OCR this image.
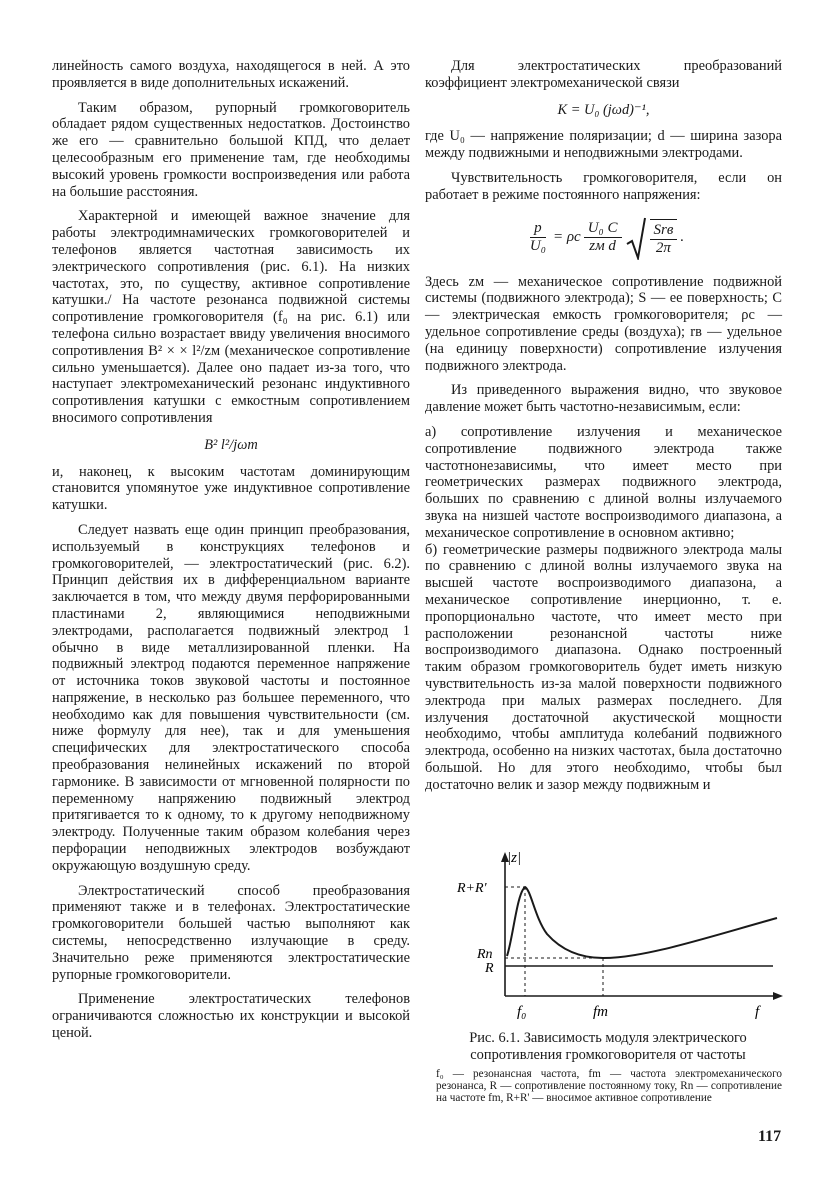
линейность самого воздуха, находящегося в ней. А это проявляется в виде дополнительных искажений.

Таким образом, рупорный громкоговоритель обладает рядом существенных недостатков. Достоинство же его — сравнительно большой КПД, что делает целесообразным его применение там, где необходимы высокий уровень громкости воспроизведения или работа на большие расстояния.

Характерной и имеющей важное значение для работы электродимнамических громкоговорителей и телефонов является частотная зависимость их электрического сопротивления (рис. 6.1). На низких частотах, это, по существу, активное сопротивление катушки./ На частоте резонанса подвижной системы сопротивление громкоговорителя (f₀ на рис. 6.1) или телефона сильно возрастает ввиду увеличения вносимого сопротивления B² × × l²/zм (механическое сопротивление сильно уменьшается). Далее оно падает из-за того, что наступает электромеханический резонанс индуктивного сопротивления катушки с емкостным сопротивлением вносимого сопротивления

B² l²/jωm

и, наконец, к высоким частотам доминирующим становится упомянутое уже индуктивное сопротивление катушки.

Следует назвать еще один принцип преобразования, используемый в конструкциях телефонов и громкоговорителей, — электростатический (рис. 6.2). Принцип действия их в дифференциальном варианте заключается в том, что между двумя перфорированными пластинами 2, являющимися неподвижными электродами, располагается подвижный электрод 1 обычно в виде металлизированной пленки. На подвижный электрод подаются переменное напряжение от источника токов звуковой частоты и постоянное напряжение, в несколько раз большее переменного, что необходимо как для повышения чувствительности (см. ниже формулу для нее), так и для уменьшения специфических для электростатического способа преобразования нелинейных искажений по второй гармонике. В зависимости от мгновенной полярности по переменному напряжению подвижный электрод притягивается то к одному, то к другому неподвижному электроду. Полученные таким образом колебания через перфорации неподвижных электродов возбуждают окружающую воздушную среду.

Электростатический способ преобразования применяют также и в телефонах. Электростатические громкоговорители большей частью выполняют как системы, непосредственно излучающие в среду. Значительно реже применяются электростатические рупорные громкоговорители.

Применение электростатических телефонов ограничиваются сложностью их конструкции и высокой ценой.

Для электростатических преобразований коэффициент электромеханической связи

K = U₀ (jωd)⁻¹,

где U₀ — напряжение поляризации; d — ширина зазора между подвижными и неподвижными электродами.

Чувствительность громкоговорителя, если он работает в режиме постоянного напряжения:

$\frac{p}{\text{U₀}} = \rho c \frac{\text{U₀ C}}{\text{zм d}} \frac{\text{Srв}}{2\pi}$ .

Здесь zм — механическое сопротивление подвижной системы (подвижного электрода); S — ее поверхность; C — электрическая емкость громкоговорителя; ρc — удельное сопротивление среды (воздуха); rв — удельное (на единицу поверхности) сопротивление излучения подвижного электрода.

Из приведенного выражения видно, что звуковое давление может быть частотно-независимым, если:

а) сопротивление излучения и механическое сопротивление подвижного электрода также частотнонезависимы, что имеет место при геометрических размерах подвижного электрода, больших по сравнению с длиной волны излучаемого звука на низшей частоте воспроизводимого диапазона, а механическое сопротивление в основном активно;

б) геометрические размеры подвижного электрода малы по сравнению с длиной волны излучаемого звука на высшей частоте воспроизводимого диапазона, а механическое сопротивление инерционно, т. е. пропорционально частоте, что имеет место при расположении резонансной частоты ниже воспроизводимого диапазона. Однако построенный таким образом громкоговоритель будет иметь низкую чувствительность из-за малой поверхности подвижного электрода при малых размерах последнего. Для излучения достаточной акустической мощности необходимо, чтобы амплитуда колебаний подвижного электрода, особенно на низких частотах, была достаточно большой. Но для этого необходимо, чтобы был достаточно велик и зазор между подвижным и

|z|
R+R'
Rn
R
f₀	fm	f
Рис. 6.1. Зависимость модуля электрического сопротивления громкоговорителя от частоты
f₀ — резонансная частота, fm — частота электромеханического резонанса, R — сопротивление постоянному току, Rn — сопротивление на частоте fm, R+R' — вносимое активное сопротивление
117
